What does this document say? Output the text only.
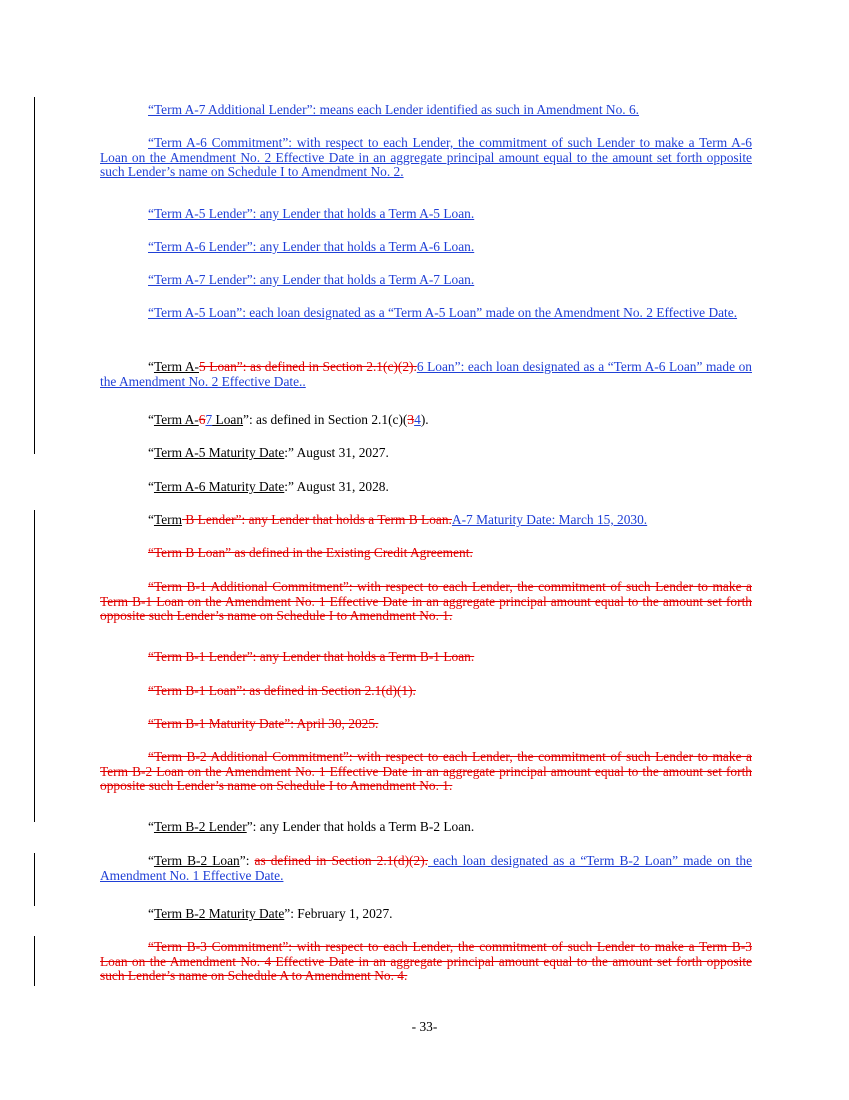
“Term A-7 Additional Lender”: means each Lender identified as such in Amendment No. 6.
“Term A-6 Commitment”: with respect to each Lender, the commitment of such Lender to make a Term A-6 Loan on the Amendment No. 2 Effective Date in an aggregate principal amount equal to the amount set forth opposite such Lender’s name on Schedule I to Amendment No. 2.
“Term A-5 Lender”: any Lender that holds a Term A-5 Loan.
“Term A-6 Lender”: any Lender that holds a Term A-6 Loan.
“Term A-7 Lender”: any Lender that holds a Term A-7 Loan.
“Term A-5 Loan”: each loan designated as a “Term A-5 Loan” made on the Amendment No. 2 Effective Date.
“Term A-5 Loan”: as defined in Section 2.1(c)(2).6 Loan”: each loan designated as a “Term A-6 Loan” made on the Amendment No. 2 Effective Date..
“Term A-67 Loan”: as defined in Section 2.1(c)(34).
“Term A-5 Maturity Date:” August 31, 2027.
“Term A-6 Maturity Date:” August 31, 2028.
“Term B Lender”: any Lender that holds a Term B Loan.A-7 Maturity Date: March 15, 2030.
“Term B Loan” as defined in the Existing Credit Agreement.
“Term B-1 Additional Commitment”: with respect to each Lender, the commitment of such Lender to make a Term B-1 Loan on the Amendment No. 1 Effective Date in an aggregate principal amount equal to the amount set forth opposite such Lender’s name on Schedule I to Amendment No. 1.
“Term B-1 Lender”: any Lender that holds a Term B-1 Loan.
“Term B-1 Loan”: as defined in Section 2.1(d)(1).
“Term B-1 Maturity Date”: April 30, 2025.
“Term B-2 Additional Commitment”: with respect to each Lender, the commitment of such Lender to make a Term B-2 Loan on the Amendment No. 1 Effective Date in an aggregate principal amount equal to the amount set forth opposite such Lender’s name on Schedule I to Amendment No. 1.
“Term B-2 Lender”: any Lender that holds a Term B-2 Loan.
“Term B-2 Loan”: as defined in Section 2.1(d)(2). each loan designated as a “Term B-2 Loan” made on the Amendment No. 1 Effective Date.
“Term B-2 Maturity Date”: February 1, 2027.
“Term B-3 Commitment”: with respect to each Lender, the commitment of such Lender to make a Term B-3 Loan on the Amendment No. 4 Effective Date in an aggregate principal amount equal to the amount set forth opposite such Lender’s name on Schedule A to Amendment No. 4.
- 33-
